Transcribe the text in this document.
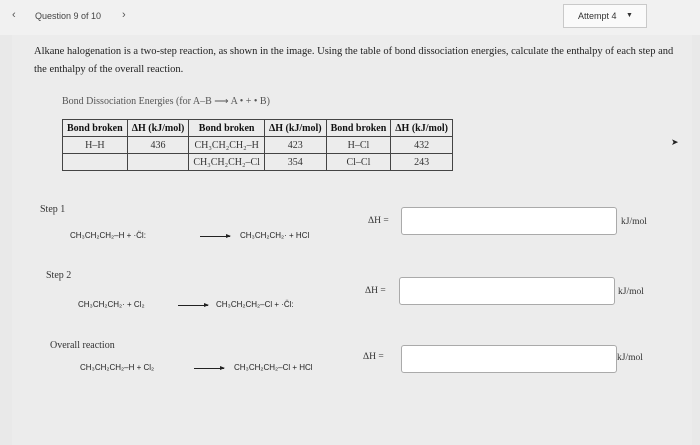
‹ Question 9 of 10 ›	Attempt 4 ▼
Alkane halogenation is a two-step reaction, as shown in the image. Using the table of bond dissociation energies, calculate the enthalpy of each step and the enthalpy of the overall reaction.
Bond Dissociation Energies (for A–B ⟶ A • + • B)
Bond broken	ΔH (kJ/mol)	Bond broken	ΔH (kJ/mol)	Bond broken	ΔH (kJ/mol)
H–H	436	CH₃CH₂CH₂–H	423	H–Cl	432
		CH₃CH₂CH₂–Cl	354	Cl–Cl	243
Step 1
CH₃CH₂CH₂–H + ·C̈l:	→ CH₃CH₂CH₂· + HCl
ΔH =	kJ/mol
Step 2
CH₃CH₂CH₂· + Cl₂ → CH₃CH₂CH₂–Cl + ·C̈l:
ΔH =	kJ/mol
Overall reaction
CH₃CH₂CH₂–H + Cl₂ → CH₃CH₂CH₂–Cl + HCl
ΔH =	kJ/mol
➤
